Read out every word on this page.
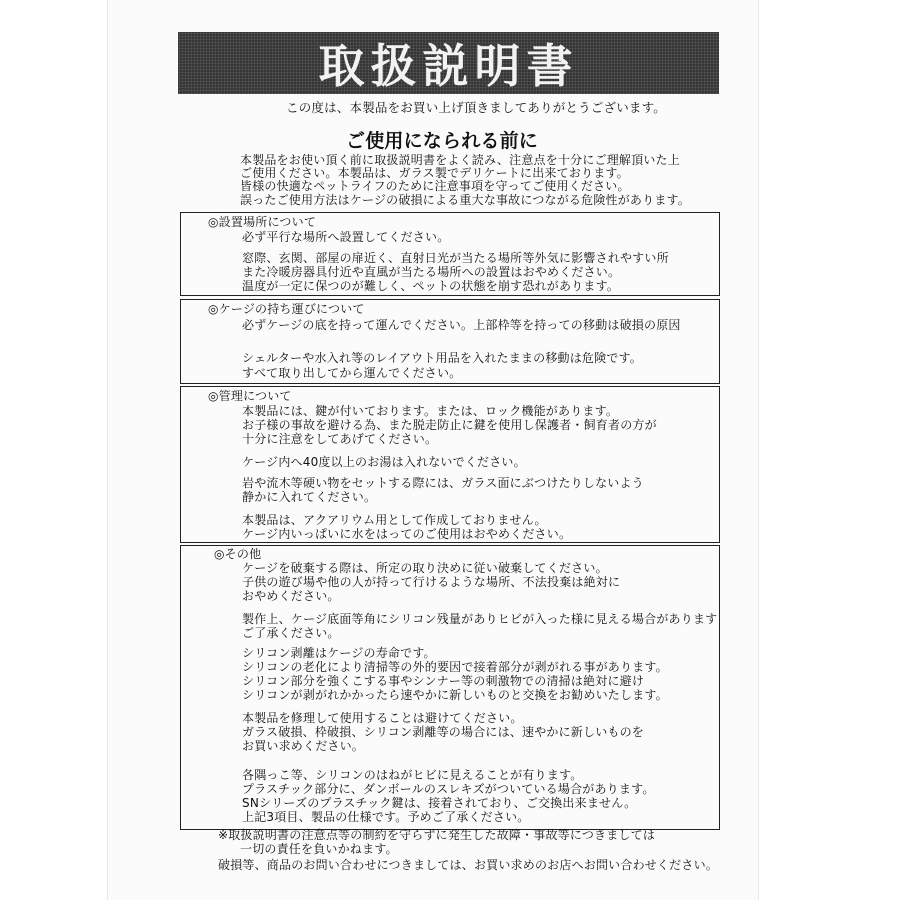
取扱説明書
この度は、本製品をお買い上げ頂きましてありがとうございます。
ご使用になられる前に
本製品をお使い頂く前に取扱説明書をよく読み、注意点を十分にご理解頂いた上
ご使用ください。本製品は、ガラス製でデリケートに出来ております。
皆様の快適なペットライフのために注意事項を守ってご使用ください。
誤ったご使用方法はケージの破損による重大な事故につながる危険性があります。
◎設置場所について
必ず平行な場所へ設置してください。
窓際、玄関、部屋の扉近く、直射日光が当たる場所等外気に影響されやすい所
また冷暖房器具付近や直風が当たる場所への設置はおやめください。
温度が一定に保つのが難しく、ペットの状態を崩す恐れがあります。
◎ケージの持ち運びについて
必ずケージの底を持って運んでください。上部枠等を持っての移動は破損の原因
シェルターや水入れ等のレイアウト用品を入れたままの移動は危険です。
すべて取り出してから運んでください。
◎管理について
本製品には、鍵が付いております。または、ロック機能があります。
お子様の事故を避ける為、また脱走防止に鍵を使用し保護者・飼育者の方が
十分に注意をしてあげてください。
ケージ内へ40度以上のお湯は入れないでください。
岩や流木等硬い物をセットする際には、ガラス面にぶつけたりしないよう
静かに入れてください。
本製品は、アクアリウム用として作成しておりません。
ケージ内いっぱいに水をはってのご使用はおやめください。
◎その他
ケージを破棄する際は、所定の取り決めに従い破棄してください。
子供の遊び場や他の人が持って行けるような場所、不法投棄は絶対に
おやめください。
製作上、ケージ底面等角にシリコン残量がありヒビが入った様に見える場合があります
ご了承ください。
シリコン剥離はケージの寿命です。
シリコンの老化により清掃等の外的要因で接着部分が剥がれる事があります。
シリコン部分を強くこする事やシンナー等の刺激物での清掃は絶対に避け
シリコンが剥がれかかったら速やかに新しいものと交換をお勧めいたします。
本製品を修理して使用することは避けてください。
ガラス破損、枠破損、シリコン剥離等の場合には、速やかに新しいものを
お買い求めください。
各隅っこ等、シリコンのはねがヒビに見えることが有ります。
プラスチック部分に、ダンボールのスレキズがついている場合があります。
SNシリーズのプラスチック鍵は、接着されており、ご交換出来ません。
上記3項目、製品の仕様です。予めご了承ください。
※取扱説明書の注意点等の制約を守らずに発生した故障・事故等につきましては
一切の責任を負いかねます。
破損等、商品のお問い合わせにつきましては、お買い求めのお店へお問い合わせください。
